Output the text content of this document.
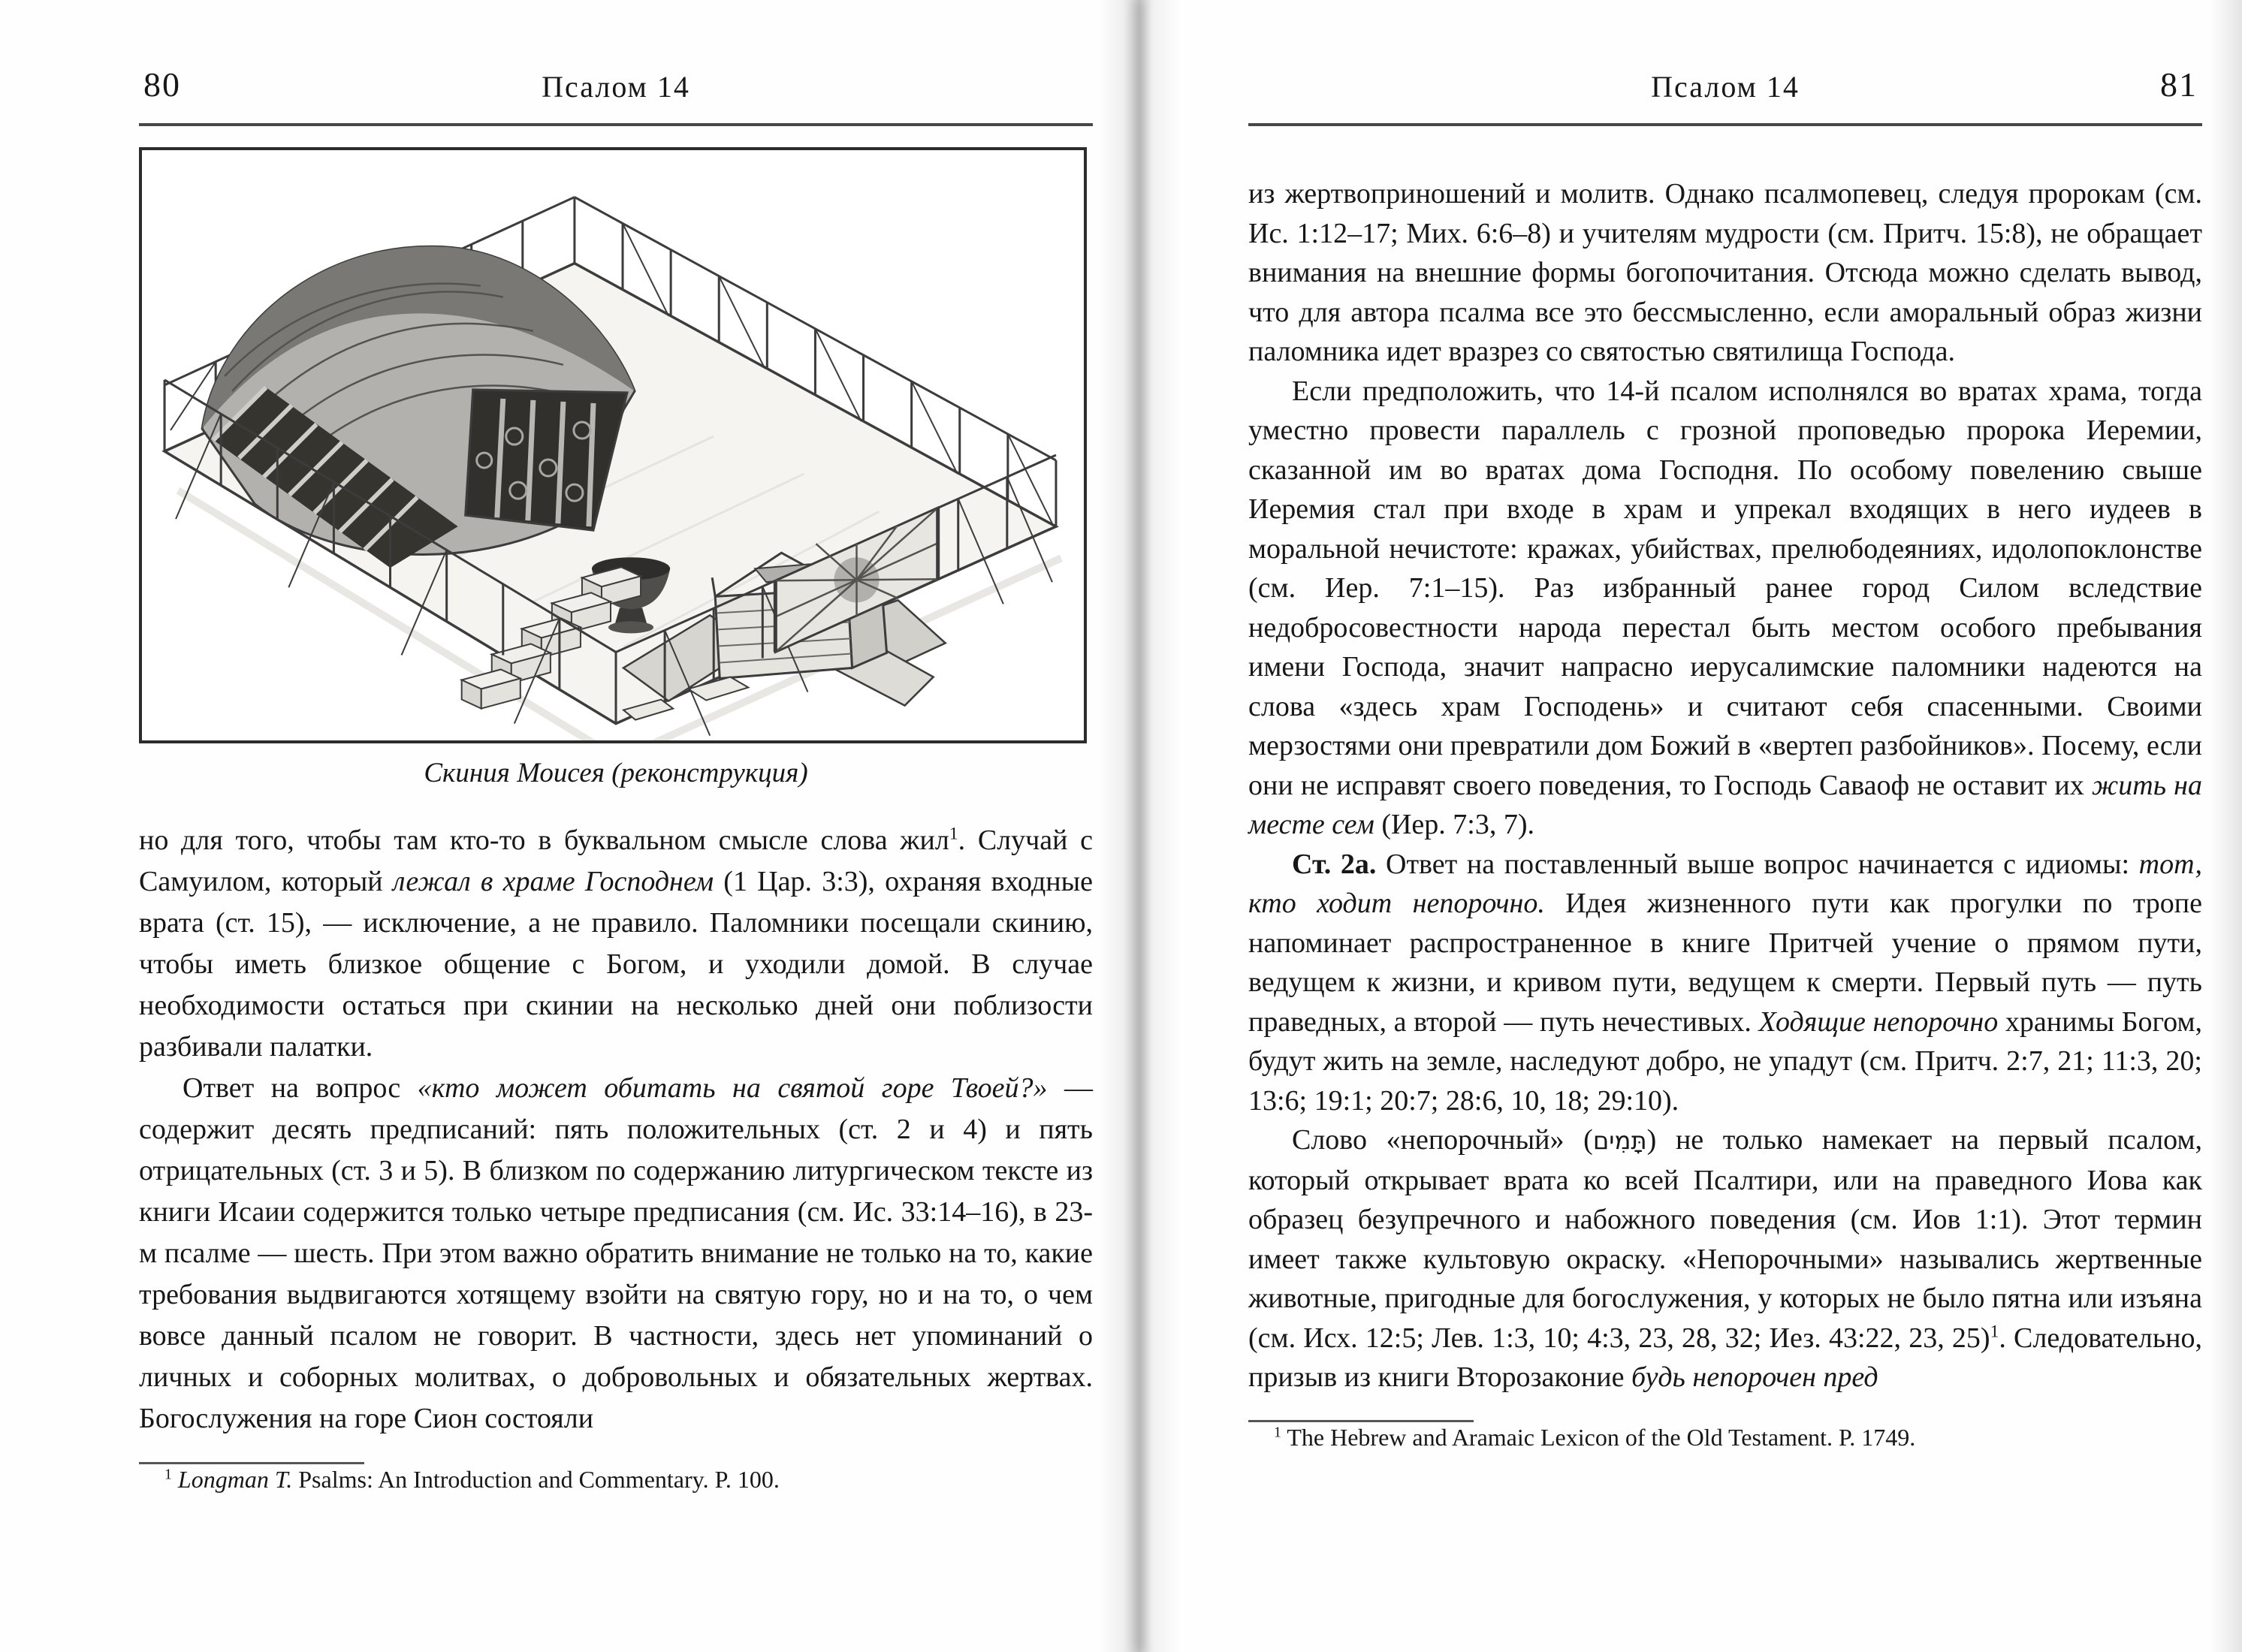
80	Псалом 14
Скиния Моисея (реконструкция)

но для того, чтобы там кто-то в буквальном смысле слова жил$^1$. Случай с Самуилом, который лежал в храме Господнем (1 Цар. 3:3), охраняя входные врата (ст. 15), — исключение, а не правило. Паломники посещали скинию, чтобы иметь близкое общение с Богом, и уходили домой. В случае необходимости остаться при скинии на несколько дней они поблизости разбивали палатки.

Ответ на вопрос «кто может обитать на святой горе Твоей?» — содержит десять предписаний: пять положительных (ст. 2 и 4) и пять отрицательных (ст. 3 и 5). В близком по содержанию литургическом тексте из книги Исаии содержится только четыре предписания (см. Ис. 33:14–16), в 23-м псалме — шесть. При этом важно обратить внимание не только на то, какие требования выдвигаются хотящему взойти на святую гору, но и на то, о чем вовсе данный псалом не говорит. В частности, здесь нет упоминаний о личных и соборных молитвах, о добровольных и обязательных жертвах. Богослужения на горе Сион состояли

$^1$ Longman T. Psalms: An Introduction and Commentary. P. 100.

81
Псалом 14

из жертвоприношений и молитв. Однако псалмопевец, следуя пророкам (см. Ис. 1:12–17; Мих. 6:6–8) и учителям мудрости (см. Притч. 15:8), не обращает внимания на внешние формы богопочитания. Отсюда можно сделать вывод, что для автора псалма все это бессмысленно, если аморальный образ жизни паломника идет вразрез со святостью святилища Господа.

Если предположить, что 14-й псалом исполнялся во вратах храма, тогда уместно провести параллель с грозной проповедью пророка Иеремии, сказанной им во вратах дома Господня. По особому повелению свыше Иеремия стал при входе в храм и упрекал входящих в него иудеев в моральной нечистоте: кражах, убийствах, прелюбодеяниях, идолопоклонстве (см. Иер. 7:1–15). Раз избранный ранее город Силом вследствие недобросовестности народа перестал быть местом особого пребывания имени Господа, значит напрасно иерусалимские паломники надеются на слова «здесь храм Господень» и считают себя спасенными. Своими мерзостями они превратили дом Божий в «вертеп разбойников». Посему, если они не исправят своего поведения, то Господь Саваоф не оставит их жить на месте сем (Иер. 7:3, 7).

Ст. 2а. Ответ на поставленный выше вопрос начинается с идиомы: тот, кто ходит непорочно. Идея жизненного пути как прогулки по тропе напоминает распространенное в книге Притчей учение о прямом пути, ведущем к жизни, и кривом пути, ведущем к смерти. Первый путь — путь праведных, а второй — путь нечестивых. Ходящие непорочно хранимы Богом, будут жить на земле, наследуют добро, не упадут (см. Притч. 2:7, 21; 11:3, 20; 13:6; 19:1; 20:7; 28:6, 10, 18; 29:10).

Слово «непорочный» (תָּמִים) не только намекает на первый псалом, который открывает врата ко всей Псалтири, или на праведного Иова как образец безупречного и набожного поведения (см. Иов 1:1). Этот термин имеет также культовую окраску. «Непорочными» назывались жертвенные животные, пригодные для богослужения, у которых не было пятна или изъяна (см. Исх. 12:5; Лев. 1:3, 10; 4:3, 23, 28, 32; Иез. 43:22, 23, 25)$^1$. Следовательно, призыв из книги Второзаконие будь непорочен пред

$^1$ The Hebrew and Aramaic Lexicon of the Old Testament. P. 1749.
